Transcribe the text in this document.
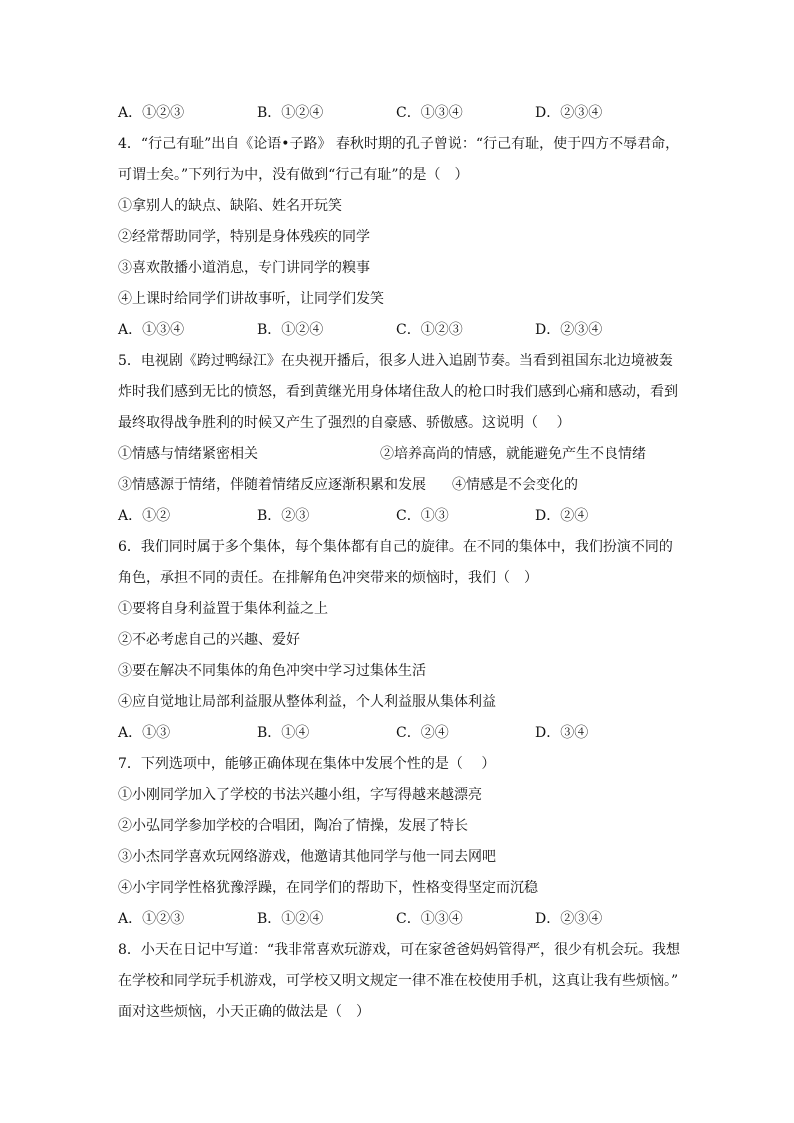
A．①②③	B．①②④	C．①③④	D．②③④
4．“行己有耻”出自《论语•子路》 春秋时期的孔子曾说：“行己有耻，使于四方不辱君命，
可谓士矣。”下列行为中，没有做到“行己有耻”的是（　）
①拿别人的缺点、缺陷、姓名开玩笑
②经常帮助同学，特别是身体残疾的同学
③喜欢散播小道消息，专门讲同学的糗事
④上课时给同学们讲故事听，让同学们发笑
A．①③④	B．①②④	C．①②③	D．②③④
5．电视剧《跨过鸭绿江》在央视开播后，很多人进入追剧节奏。当看到祖国东北边境被轰
炸时我们感到无比的愤怒，看到黄继光用身体堵住敌人的枪口时我们感到心痛和感动，看到
最终取得战争胜利的时候又产生了强烈的自豪感、骄傲感。这说明（　 ）
①情感与情绪紧密相关	②培养高尚的情感，就能避免产生不良情绪
③情感源于情绪，伴随着情绪反应逐渐积累和发展 ④情感是不会变化的
A．①②	B．②③	C．①③	D．②④
6．我们同时属于多个集体，每个集体都有自己的旋律。在不同的集体中，我们扮演不同的
角色，承担不同的责任。在排解角色冲突带来的烦恼时，我们（　）
①要将自身利益置于集体利益之上
②不必考虑自己的兴趣、爱好
③要在解决不同集体的角色冲突中学习过集体生活
④应自觉地让局部利益服从整体利益，个人利益服从集体利益
A．①③	B．①④	C．②④	D．③④
7．下列选项中，能够正确体现在集体中发展个性的是（　 ）
①小刚同学加入了学校的书法兴趣小组，字写得越来越漂亮
②小弘同学参加学校的合唱团，陶冶了情操，发展了特长
③小杰同学喜欢玩网络游戏，他邀请其他同学与他一同去网吧
④小宇同学性格犹豫浮躁，在同学们的帮助下，性格变得坚定而沉稳
A．①②③	B．①②④	C．①③④	D．②③④
8．小天在日记中写道：“我非常喜欢玩游戏，可在家爸爸妈妈管得严，很少有机会玩。我想
在学校和同学玩手机游戏，可学校又明文规定一律不准在校使用手机，这真让我有些烦恼。”
面对这些烦恼，小天正确的做法是（　）
